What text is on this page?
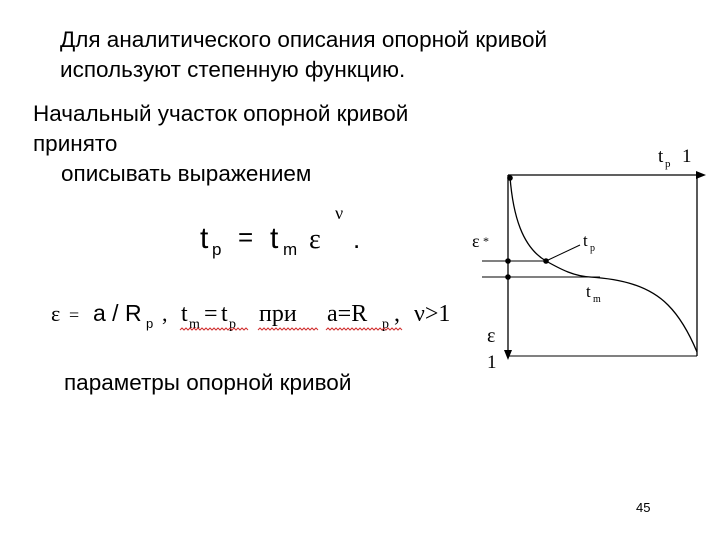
Для аналитического описания опорной кривой
используют степенную функцию.
Начальный участок опорной кривой принято
описывать выражением
параметры опорной кривой
45
t p = t m ε
ν
.
ε = a / R p , t m = t p при a=R p , ν>1
t p 1
ε *	t p
t m
ε
1
